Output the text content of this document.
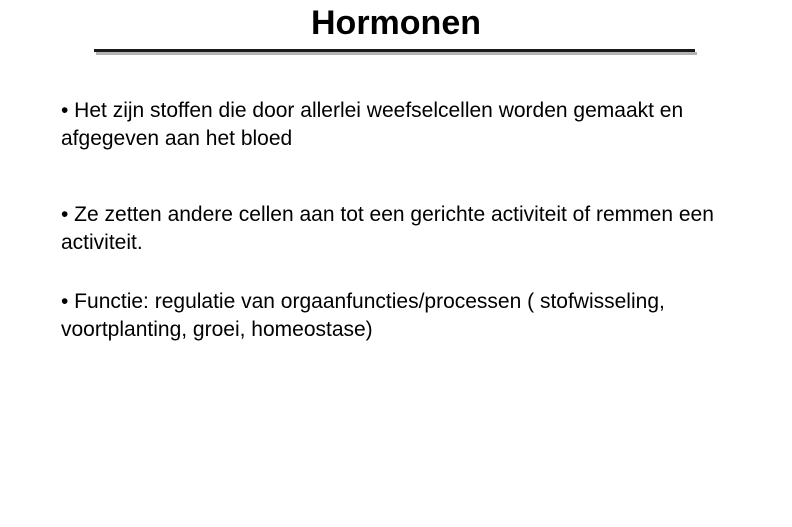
Hormonen

• Het zijn stoffen die door allerlei weefselcellen worden gemaakt en afgegeven aan het bloed

• Ze zetten andere cellen aan tot een gerichte activiteit of remmen een activiteit.

• Functie: regulatie van orgaanfuncties/processen ( stofwisseling, voortplanting, groei, homeostase)
